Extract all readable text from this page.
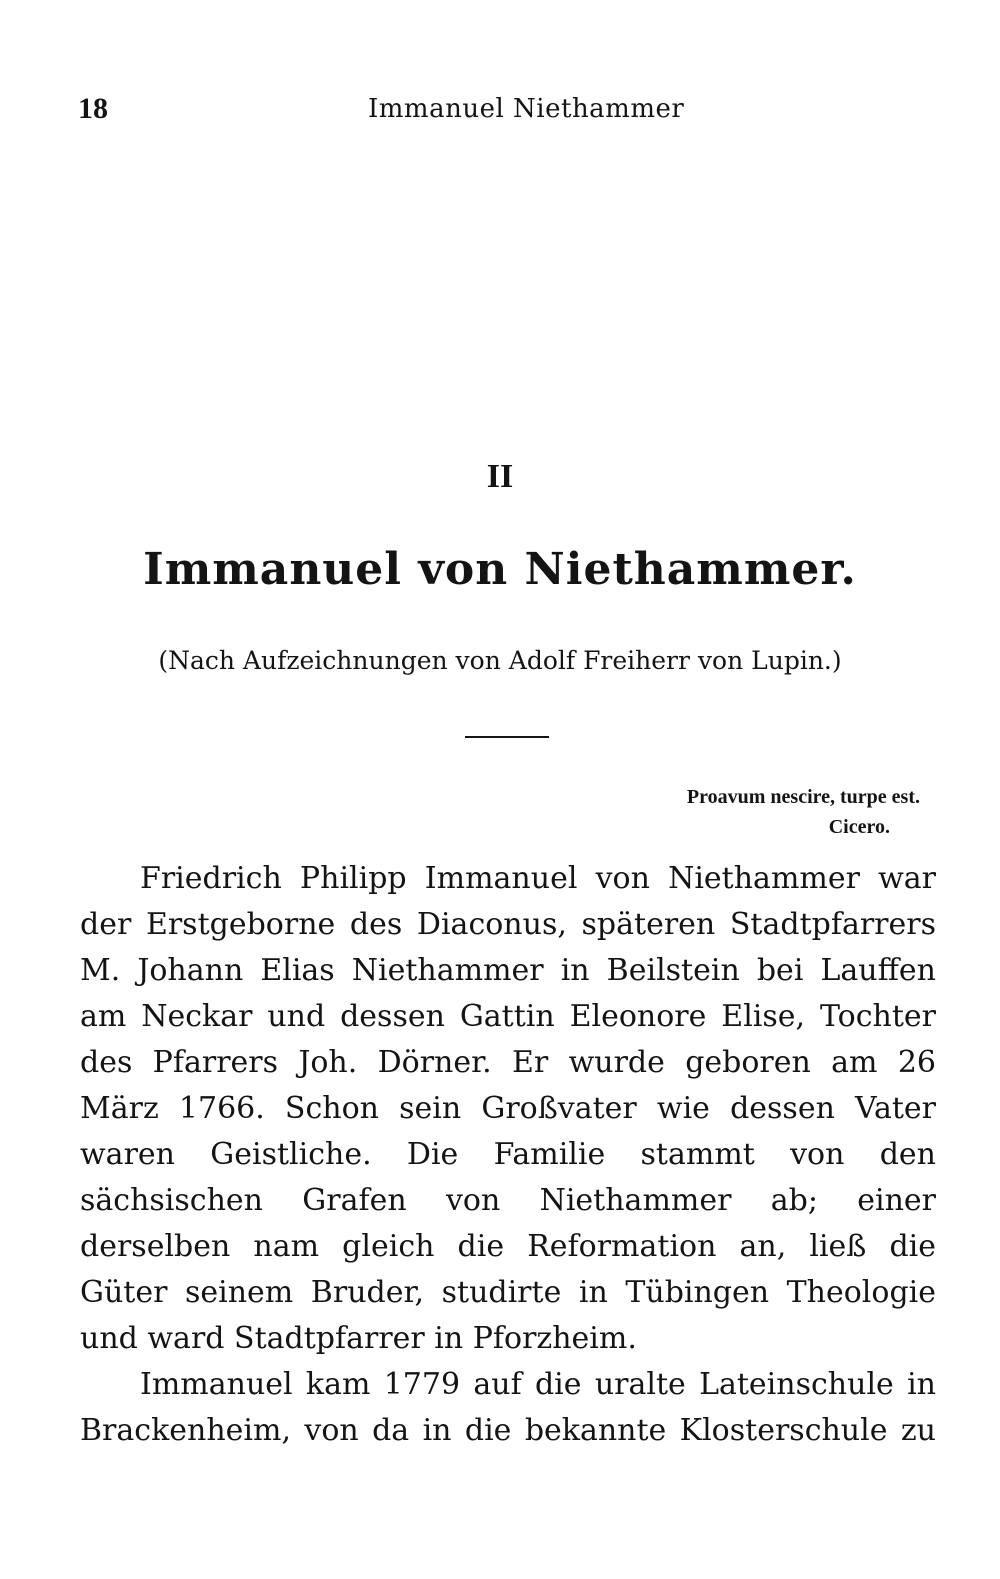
18	Immanuel Niethammer
II
Immanuel von Niethammer.
(Nach Aufzeichnungen von Adolf Freiherr von Lupin.)
Proavum nescire, turpe est.
Cicero.

Friedrich Philipp Immanuel von Niethammer war der Erstgeborne des Diaconus, späteren Stadtpfarrers M. Johann Elias Niethammer in Beilstein bei Lauffen am Neckar und dessen Gattin Eleonore Elise, Tochter des Pfarrers Joh. Dörner. Er wurde geboren am 26 März 1766. Schon sein Großvater wie dessen Vater waren Geistliche. Die Familie stammt von den sächsischen Grafen von Niethammer ab; einer derselben nam gleich die Reformation an, ließ die Güter seinem Bruder, studirte in Tübingen Theologie und ward Stadtpfarrer in Pforzheim.

Immanuel kam 1779 auf die uralte Lateinschule in Brackenheim, von da in die bekannte Klosterschule zu
